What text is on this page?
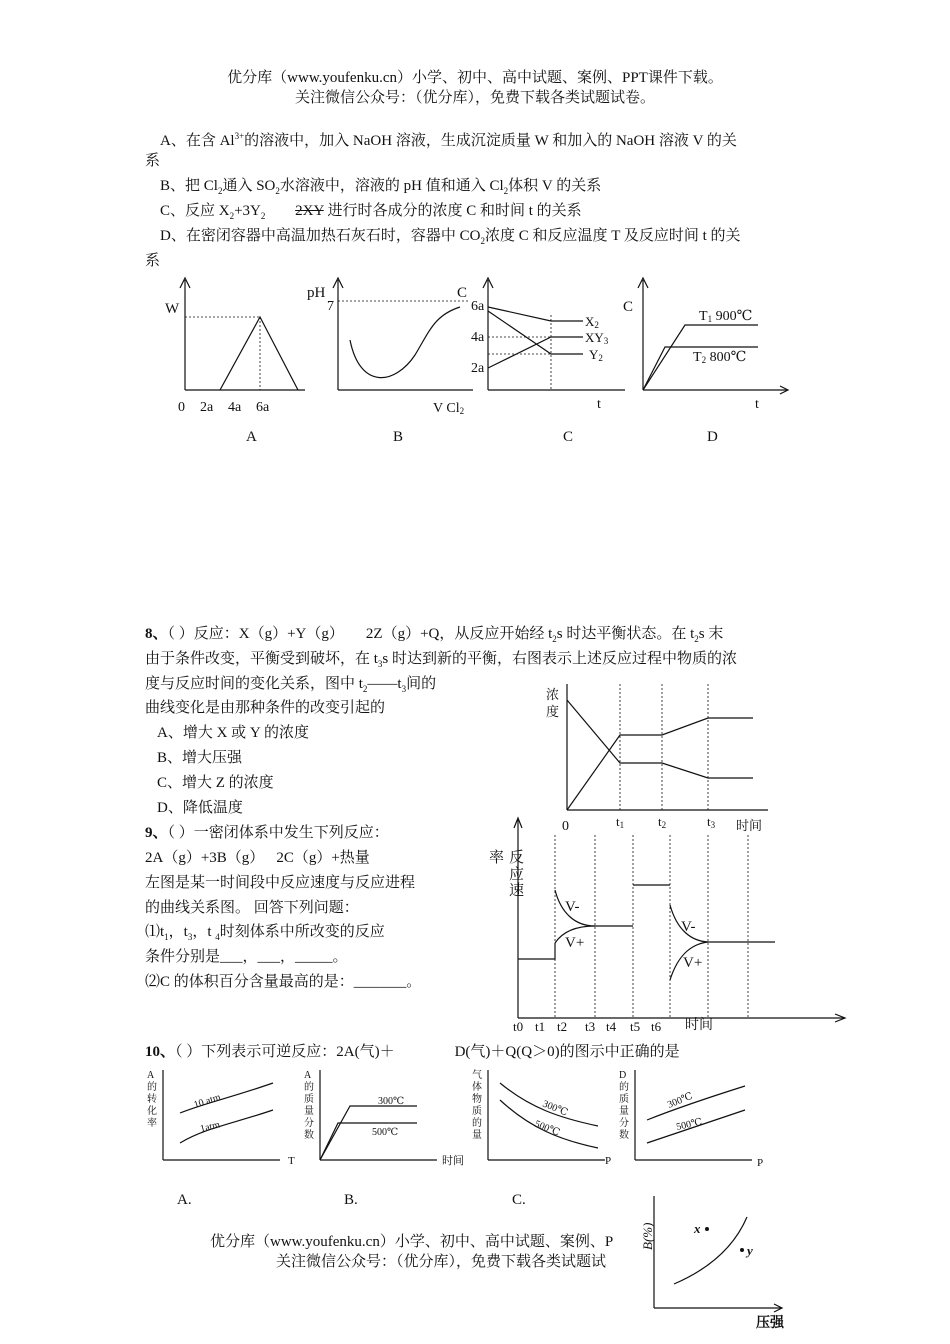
优分库（www.youfenku.cn）小学、初中、高中试题、案例、PPT课件下载。
关注微信公众号：（优分库），免费下载各类试题试卷。
A、在含 $Al^{3+}$的溶液中，加入 NaOH 溶液，生成沉淀质量 W 和加入的 NaOH 溶液 V 的关
系
B、把 $Cl_2$通入 $SO_2$水溶液中，溶液的 pH 值和通入 $Cl_2$体积 V 的关系
C、反应 $X_2+3Y_2$ 2XY 进行时各成分的浓度 C 和时间 t 的关系
D、在密闭容器中高温加热石灰石时，容器中 $CO_2$浓度 C 和反应温度 T 及反应时间 t 的关
系
W
0 2a 4a 6a
A
pH
7
V Cl2
B
C
6a
4a
2a
X2
XY3
Y2
t
C
C
T1 900℃
T2 800℃
t
D
8、（ ）反应：X（g）+Y（g） 2Z（g）+Q，从反应开始经 $t_2s$ 时达平衡状态。在 $t_2s$ 末
由于条件改变，平衡受到破坏，在 $t_3s$ 时达到新的平衡，右图表示上述反应过程中物质的浓
度与反应时间的变化关系，图中 $t_2——t_3$间的
曲线变化是由那种条件的改变引起的
A、增大 X 或 Y 的浓度
B、增大压强
C、增大 Z 的浓度
D、降低温度
浓
度
0	t1	t2	t3 时间
9、（ ）一密闭体系中发生下列反应：
2A（g）+3B（g） 2C（g）+热量
左图是某一时间段中反应速度与反应进程
的曲线关系图。 回答下列问题：
$⑴t_1$，$t_3$，t $_4$时刻体系中所改变的反应
条件分别是___，___，_____。
⑵C 的体积百分含量最高的是：_______。
率 反
应
速
V-
V+
V-
V+
t0 t1 t2 t3 t4 t5 t6 时间
10、（ ）下列表示可逆反应：2A(气)＋	D(气)＋Q(Q＞0)的图示中正确的是
A 的转化率
10 atm
1atm
T
A 的质量分数
300℃
500℃
时间
气体物质的量
300℃
500℃
P
D 的质量分数
300℃
500℃
P
A.	B.	C.
优分库（www.youfenku.cn）小学、初中、高中试题、案例、P
关注微信公众号：（优分库），免费下载各类试题试
x
y
B(%)
压强
